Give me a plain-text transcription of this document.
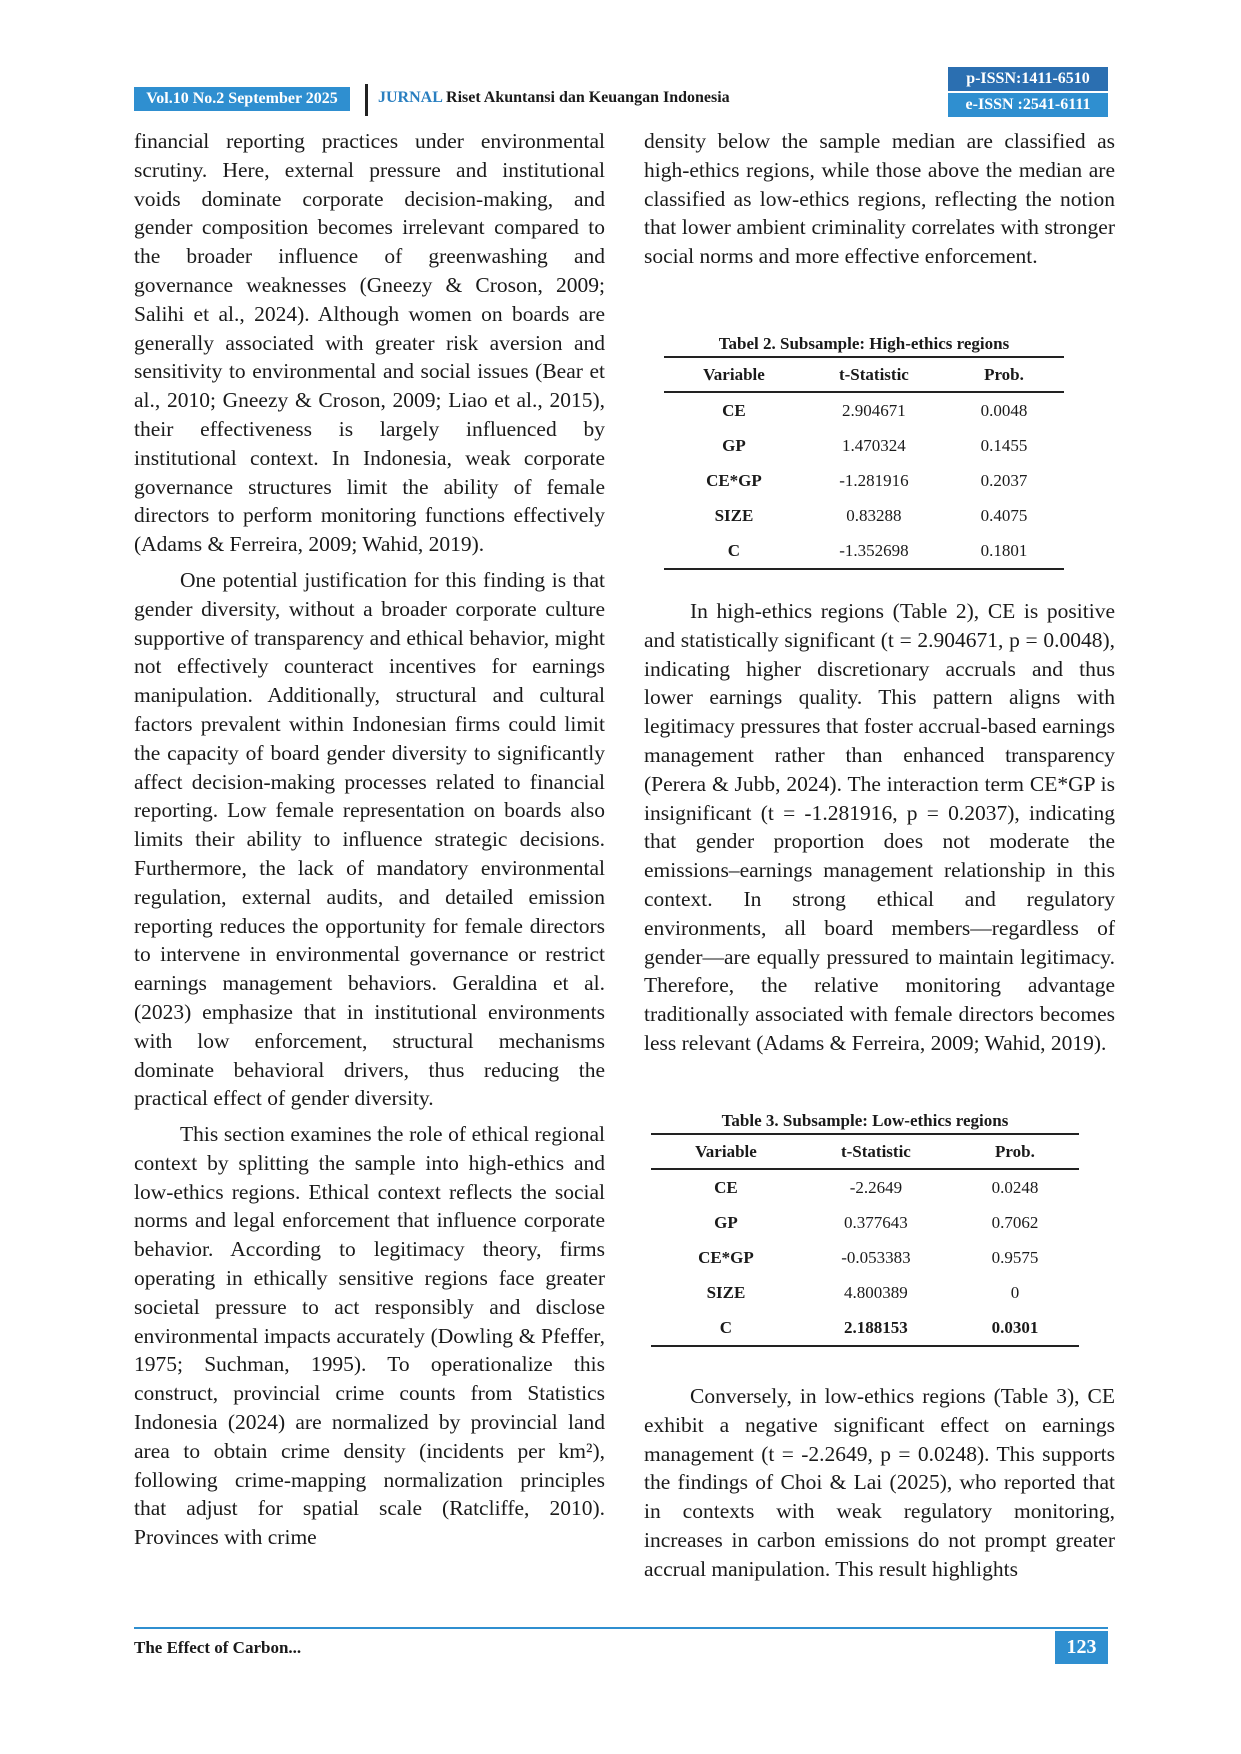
Vol.10 No.2 September 2025	JURNAL Riset Akuntansi dan Keuangan Indonesia
p-ISSN:1411-6510
e-ISSN :2541-6111

financial reporting practices under environmental scrutiny. Here, external pressure and institutional voids dominate corporate decision-making, and gender composition becomes irrelevant compared to the broader influence of greenwashing and governance weaknesses (Gneezy & Croson, 2009; Salihi et al., 2024). Although women on boards are generally associated with greater risk aversion and sensitivity to environmental and social issues (Bear et al., 2010; Gneezy & Croson, 2009; Liao et al., 2015), their effectiveness is largely influenced by institutional context. In Indonesia, weak corporate governance structures limit the ability of female directors to perform monitoring functions effectively (Adams & Ferreira, 2009; Wahid, 2019).

One potential justification for this finding is that gender diversity, without a broader corporate culture supportive of transparency and ethical behavior, might not effectively counteract incentives for earnings manipulation. Additionally, structural and cultural factors prevalent within Indonesian firms could limit the capacity of board gender diversity to significantly affect decision-making processes related to financial reporting. Low female representation on boards also limits their ability to influence strategic decisions. Furthermore, the lack of mandatory environmental regulation, external audits, and detailed emission reporting reduces the opportunity for female directors to intervene in environmental governance or restrict earnings management behaviors. Geraldina et al. (2023) emphasize that in institutional environments with low enforcement, structural mechanisms dominate behavioral drivers, thus reducing the practical effect of gender diversity.

This section examines the role of ethical regional context by splitting the sample into high-ethics and low-ethics regions. Ethical context reflects the social norms and legal enforcement that influence corporate behavior. According to legitimacy theory, firms operating in ethically sensitive regions face greater societal pressure to act responsibly and disclose environmental impacts accurately (Dowling & Pfeffer, 1975; Suchman, 1995). To operationalize this construct, provincial crime counts from Statistics Indonesia (2024) are normalized by provincial land area to obtain crime density (incidents per km²), following crime-mapping normalization principles that adjust for spatial scale (Ratcliffe, 2010). Provinces with crime

density below the sample median are classified as high-ethics regions, while those above the median are classified as low-ethics regions, reflecting the notion that lower ambient criminality correlates with stronger social norms and more effective enforcement.

Tabel 2. Subsample: High-ethics regions
Variable	t-Statistic	Prob.
CE	2.904671	0.0048
GP	1.470324	0.1455
CE*GP	-1.281916	0.2037
SIZE	0.83288	0.4075
C	-1.352698	0.1801

In high-ethics regions (Table 2), CE is positive and statistically significant (t = 2.904671, p = 0.0048), indicating higher discretionary accruals and thus lower earnings quality. This pattern aligns with legitimacy pressures that foster accrual-based earnings management rather than enhanced transparency (Perera & Jubb, 2024). The interaction term CE*GP is insignificant (t = -1.281916, p = 0.2037), indicating that gender proportion does not moderate the emissions–earnings management relationship in this context. In strong ethical and regulatory environments, all board members—regardless of gender—are equally pressured to maintain legitimacy. Therefore, the relative monitoring advantage traditionally associated with female directors becomes less relevant (Adams & Ferreira, 2009; Wahid, 2019).

Table 3. Subsample: Low-ethics regions
Variable	t-Statistic	Prob.
CE	-2.2649	0.0248
GP	0.377643	0.7062
CE*GP	-0.053383	0.9575
SIZE	4.800389	0
C	2.188153	0.0301

Conversely, in low-ethics regions (Table 3), CE exhibit a negative significant effect on earnings management (t = -2.2649, p = 0.0248). This supports the findings of Choi & Lai (2025), who reported that in contexts with weak regulatory monitoring, increases in carbon emissions do not prompt greater accrual manipulation. This result highlights

The Effect of Carbon...	123
